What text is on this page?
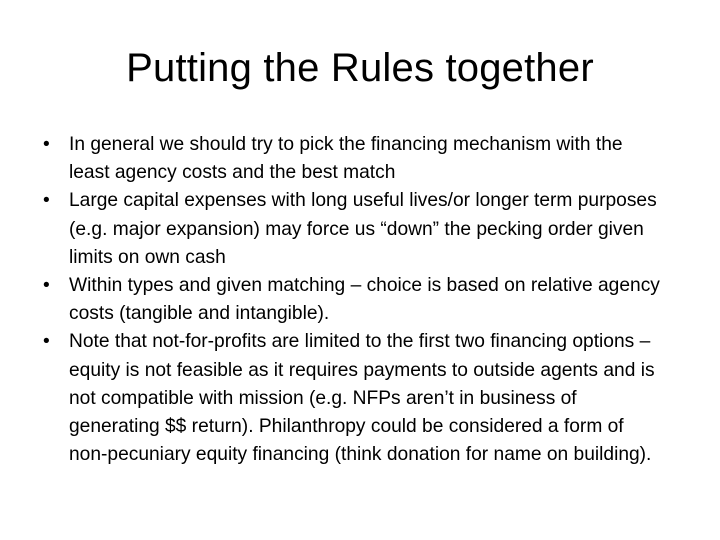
Putting the Rules together
• In general we should try to pick the financing mechanism with the least agency costs and the best match
• Large capital expenses with long useful lives/or longer term purposes (e.g. major expansion) may force us “down” the pecking order given limits on own cash
• Within types and given matching – choice is based on relative agency costs (tangible and intangible).
• Note that not-for-profits are limited to the first two financing options – equity is not feasible as it requires payments to outside agents and is not compatible with mission (e.g. NFPs aren’t in business of generating $$ return). Philanthropy could be considered a form of non-pecuniary equity financing (think donation for name on building).
